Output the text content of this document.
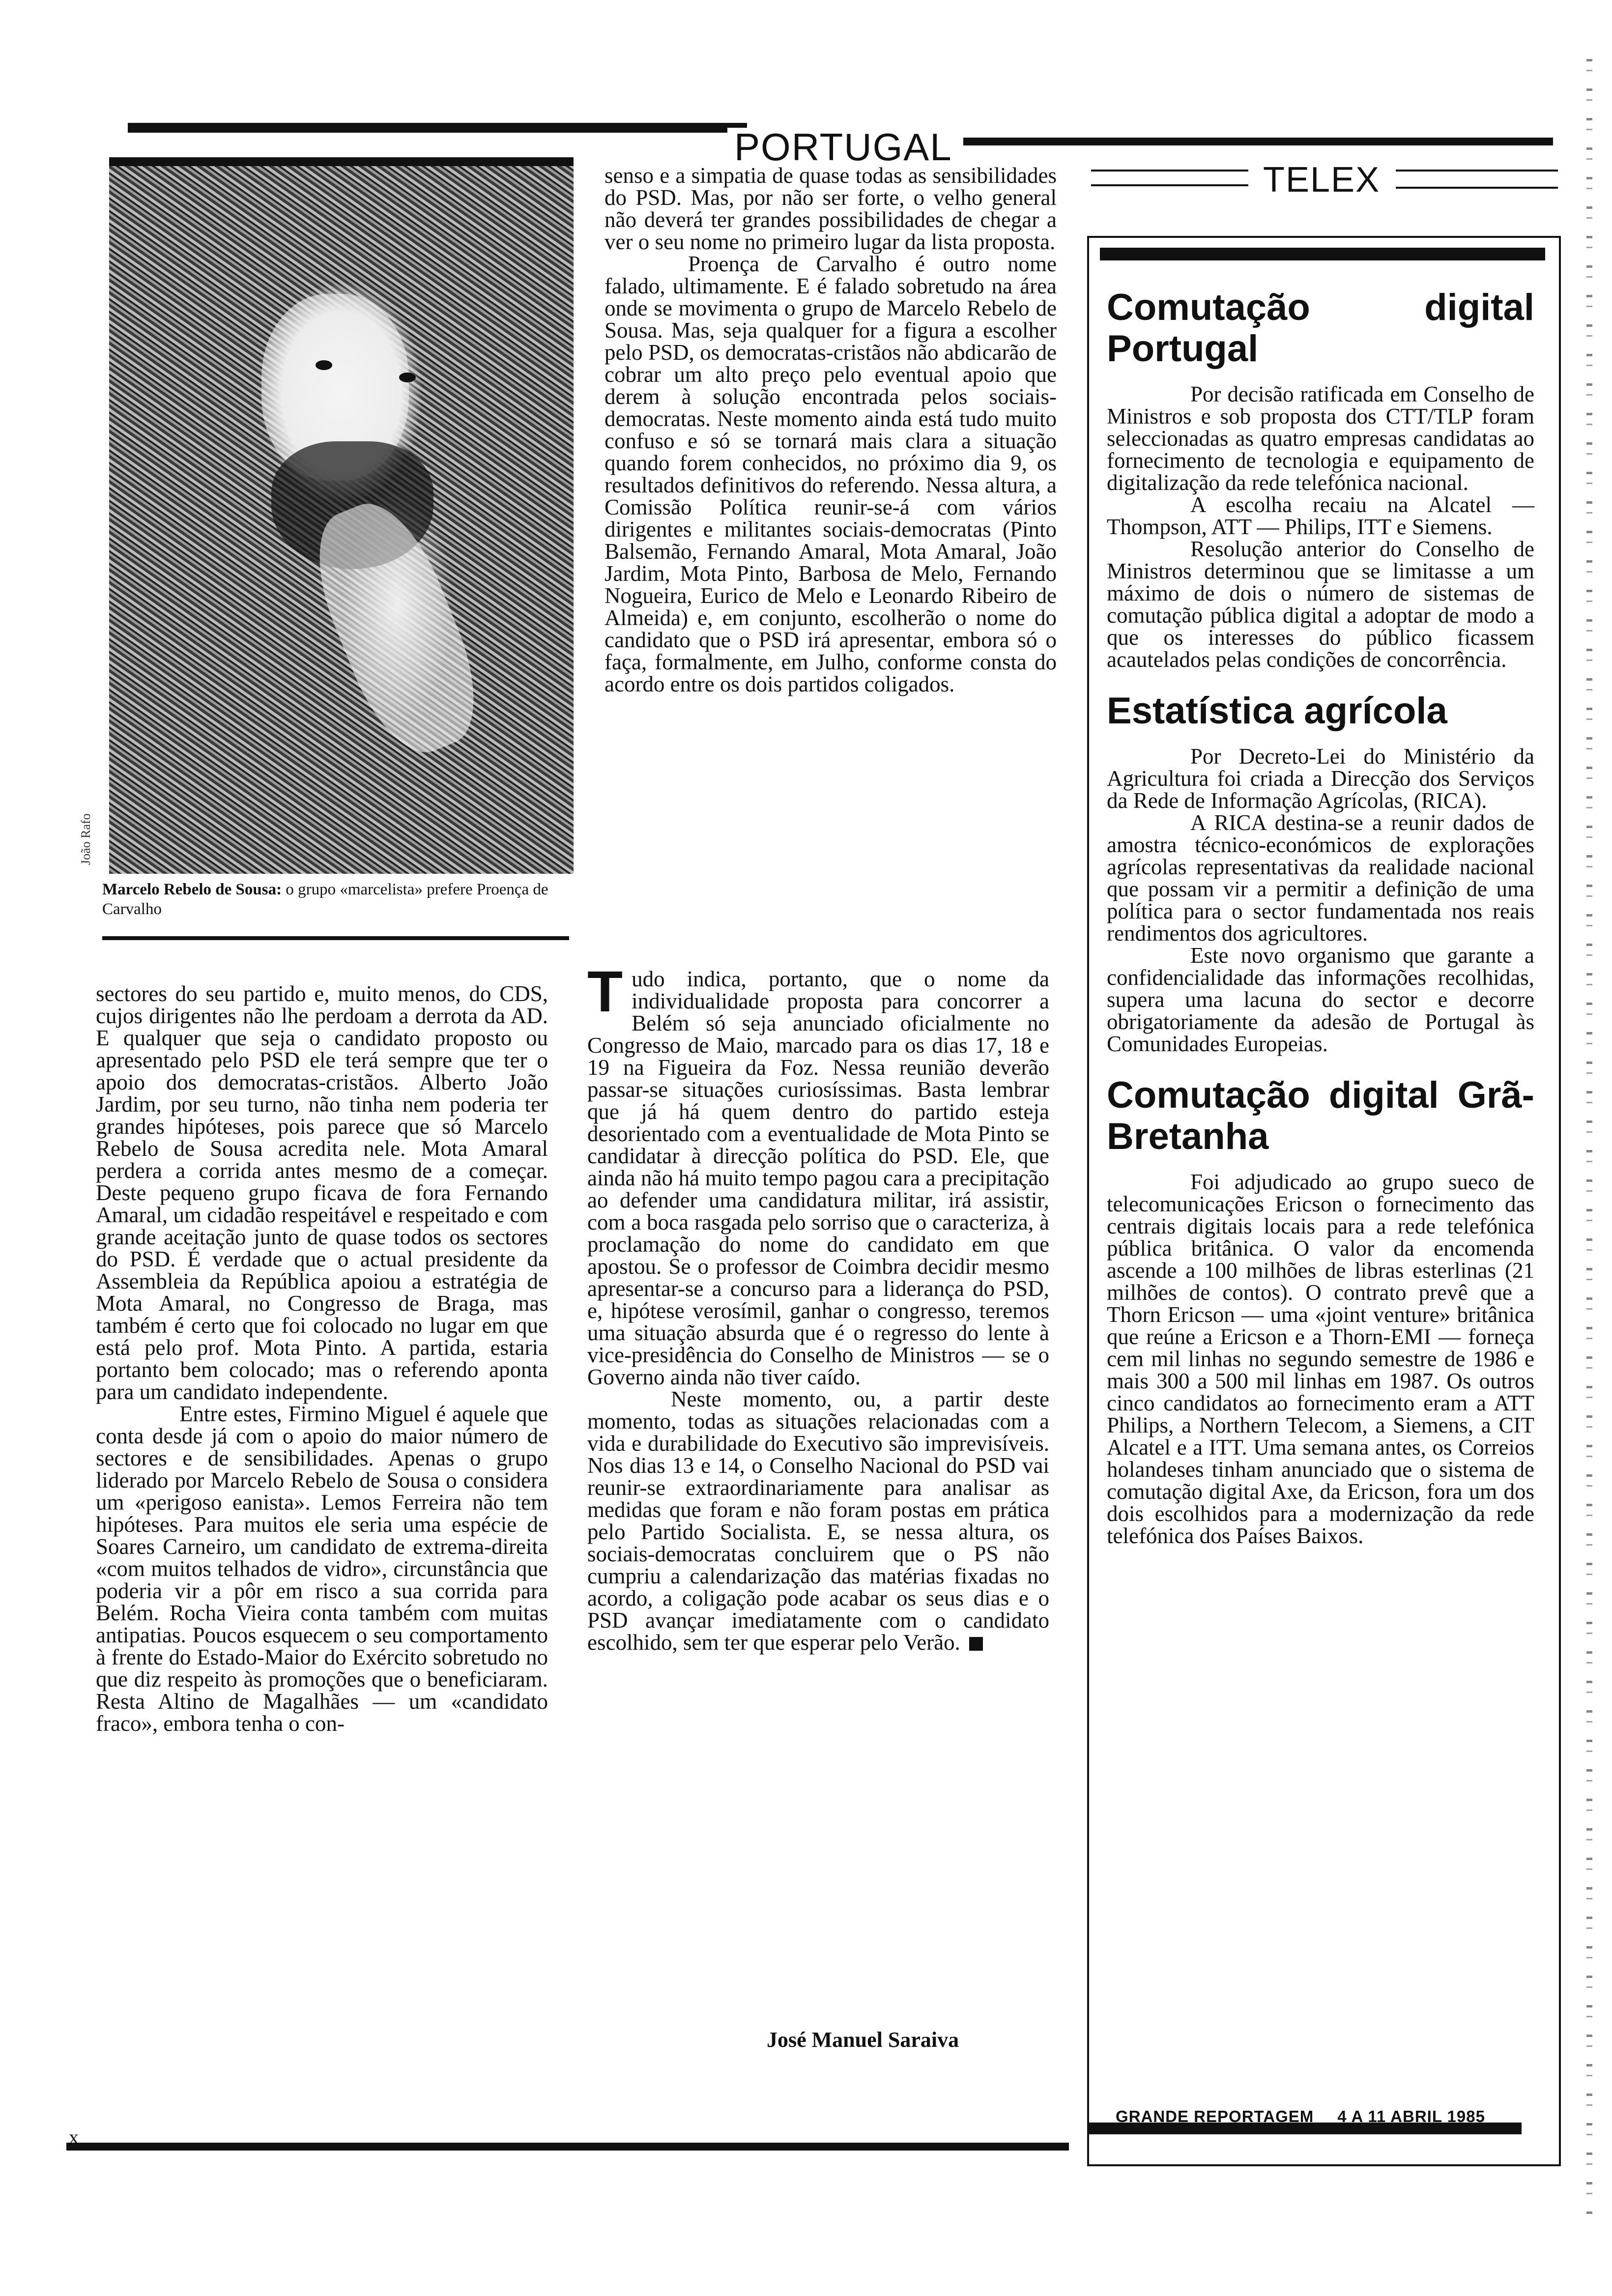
PORTUGAL
João Rafo
Marcelo Rebelo de Sousa: o grupo «marcelista» prefere Proença de Carvalho

sectores do seu partido e, muito menos, do CDS, cujos dirigentes não lhe perdoam a derrota da AD. E qualquer que seja o candidato proposto ou apresentado pelo PSD ele terá sempre que ter o apoio dos democratas-cristãos. Alberto João Jardim, por seu turno, não tinha nem poderia ter grandes hipóteses, pois parece que só Marcelo Rebelo de Sousa acredita nele. Mota Amaral perdera a corrida antes mesmo de a começar. Deste pequeno grupo ficava de fora Fernando Amaral, um cidadão respeitável e respeitado e com grande aceitação junto de quase todos os sectores do PSD. É verdade que o actual presidente da Assembleia da República apoiou a estratégia de Mota Amaral, no Congresso de Braga, mas também é certo que foi colocado no lugar em que está pelo prof. Mota Pinto. A partida, estaria portanto bem colocado; mas o referendo aponta para um candidato independente.

Entre estes, Firmino Miguel é aquele que conta desde já com o apoio do maior número de sectores e de sensibilidades. Apenas o grupo liderado por Marcelo Rebelo de Sousa o considera um «perigoso eanista». Lemos Ferreira não tem hipóteses. Para muitos ele seria uma espécie de Soares Carneiro, um candidato de extrema-direita «com muitos telhados de vidro», circunstância que poderia vir a pôr em risco a sua corrida para Belém. Rocha Vieira conta também com muitas antipatias. Poucos esquecem o seu comportamento à frente do Estado-Maior do Exército sobretudo no que diz respeito às promoções que o beneficiaram. Resta Altino de Magalhães — um «candidato fraco», embora tenha o con-

senso e a simpatia de quase todas as sensibilidades do PSD. Mas, por não ser forte, o velho general não deverá ter grandes possibilidades de chegar a ver o seu nome no primeiro lugar da lista proposta.

Proença de Carvalho é outro nome falado, ultimamente. E é falado sobretudo na área onde se movimenta o grupo de Marcelo Rebelo de Sousa. Mas, seja qualquer for a figura a escolher pelo PSD, os democratas-cristãos não abdicarão de cobrar um alto preço pelo eventual apoio que derem à solução encontrada pelos sociais-democratas. Neste momento ainda está tudo muito confuso e só se tornará mais clara a situação quando forem conhecidos, no próximo dia 9, os resultados definitivos do referendo. Nessa altura, a Comissão Política reunir-se-á com vários dirigentes e militantes sociais-democratas (Pinto Balsemão, Fernando Amaral, Mota Amaral, João Jardim, Mota Pinto, Barbosa de Melo, Fernando Nogueira, Eurico de Melo e Leonardo Ribeiro de Almeida) e, em conjunto, escolherão o nome do candidato que o PSD irá apresentar, embora só o faça, formalmente, em Julho, conforme consta do acordo entre os dois partidos coligados.

Tudo indica, portanto, que o nome da individualidade proposta para concorrer a Belém só seja anunciado oficialmente no Congresso de Maio, marcado para os dias 17, 18 e 19 na Figueira da Foz. Nessa reunião deverão passar-se situações curiosíssimas. Basta lembrar que já há quem dentro do partido esteja desorientado com a eventualidade de Mota Pinto se candidatar à direcção política do PSD. Ele, que ainda não há muito tempo pagou cara a precipitação ao defender uma candidatura militar, irá assistir, com a boca rasgada pelo sorriso que o caracteriza, à proclamação do nome do candidato em que apostou. Se o professor de Coimbra decidir mesmo apresentar-se a concurso para a liderança do PSD, e, hipótese verosímil, ganhar o congresso, teremos uma situação absurda que é o regresso do lente à vice-presidência do Conselho de Ministros — se o Governo ainda não tiver caído.

Neste momento, ou, a partir deste momento, todas as situações relacionadas com a vida e durabilidade do Executivo são imprevisíveis. Nos dias 13 e 14, o Conselho Nacional do PSD vai reunir-se extraordinariamente para analisar as medidas que foram e não foram postas em prática pelo Partido Socialista. E, se nessa altura, os sociais-democratas concluirem que o PS não cumpriu a calendarização das matérias fixadas no acordo, a coligação pode acabar os seus dias e o PSD avançar imediatamente com o candidato escolhido, sem ter que esperar pelo Verão.

José Manuel Saraiva
x
TELEX
Comutação digital Portugal

Por decisão ratificada em Conselho de Ministros e sob proposta dos CTT/TLP foram seleccionadas as quatro empresas candidatas ao fornecimento de tecnologia e equipamento de digitalização da rede telefónica nacional.

A escolha recaiu na Alcatel — Thompson, ATT — Philips, ITT e Siemens.

Resolução anterior do Conselho de Ministros determinou que se limitasse a um máximo de dois o número de sistemas de comutação pública digital a adoptar de modo a que os interesses do público ficassem acautelados pelas condições de concorrência.

Estatística agrícola

Por Decreto-Lei do Ministério da Agricultura foi criada a Direcção dos Serviços da Rede de Informação Agrícolas, (RICA).

A RICA destina-se a reunir dados de amostra técnico-económicos de explorações agrícolas representativas da realidade nacional que possam vir a permitir a definição de uma política para o sector fundamentada nos reais rendimentos dos agricultores.

Este novo organismo que garante a confidencialidade das informações recolhidas, supera uma lacuna do sector e decorre obrigatoriamente da adesão de Portugal às Comunidades Europeias.

Comutação digital Grã-Bretanha

Foi adjudicado ao grupo sueco de telecomunicações Ericson o fornecimento das centrais digitais locais para a rede telefónica pública britânica. O valor da encomenda ascende a 100 milhões de libras esterlinas (21 milhões de contos). O contrato prevê que a Thorn Ericson — uma «joint venture» britânica que reúne a Ericson e a Thorn-EMI — forneça cem mil linhas no segundo semestre de 1986 e mais 300 a 500 mil linhas em 1987. Os outros cinco candidatos ao fornecimento eram a ATT Philips, a Northern Telecom, a Siemens, a CIT Alcatel e a ITT. Uma semana antes, os Correios holandeses tinham anunciado que o sistema de comutação digital Axe, da Ericson, fora um dos dois escolhidos para a modernização da rede telefónica dos Países Baixos.

GRANDE REPORTAGEM 4 A 11 ABRIL 1985
